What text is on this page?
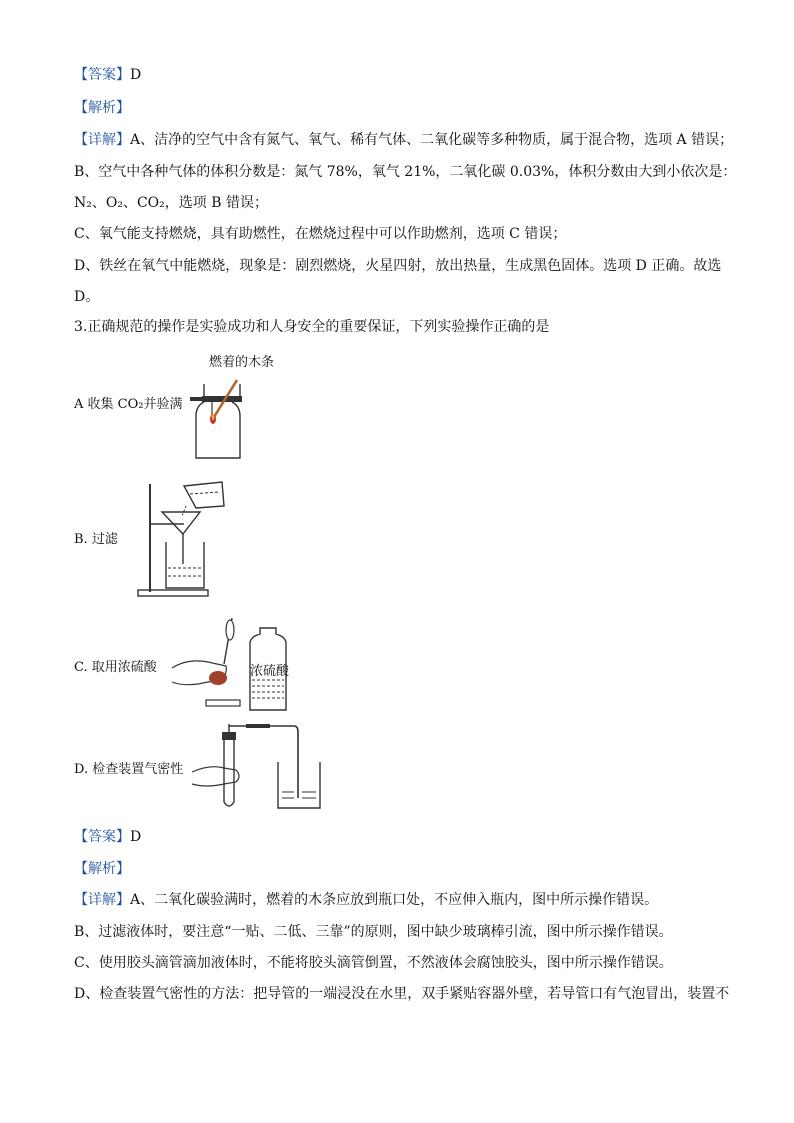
【答案】D
【解析】
【详解】A、洁净的空气中含有氮气、氧气、稀有气体、二氧化碳等多种物质，属于混合物，选项 A 错误；
B、空气中各种气体的体积分数是：氮气 78%，氧气 21%，二氧化碳 0.03%，体积分数由大到小依次是：
N₂、O₂、CO₂，选项 B 错误；
C、氧气能支持燃烧，具有助燃性，在燃烧过程中可以作助燃剂，选项 C 错误；
D、铁丝在氧气中能燃烧，现象是：剧烈燃烧，火星四射，放出热量，生成黑色固体。选项 D 正确。故选
D。
3.正确规范的操作是实验成功和人身安全的重要保证，下列实验操作正确的是
燃着的木条
A 收集 CO₂并验满
B. 过滤
C. 取用浓硫酸	浓硫酸
D. 检查装置气密性
【答案】D
【解析】
【详解】A、二氧化碳验满时，燃着的木条应放到瓶口处，不应伸入瓶内，图中所示操作错误。
B、过滤液体时，要注意“一贴、二低、三靠”的原则，图中缺少玻璃棒引流，图中所示操作错误。
C、使用胶头滴管滴加液体时，不能将胶头滴管倒置，不然液体会腐蚀胶头，图中所示操作错误。
D、检查装置气密性的方法：把导管的一端浸没在水里，双手紧贴容器外壁，若导管口有气泡冒出，装置不
